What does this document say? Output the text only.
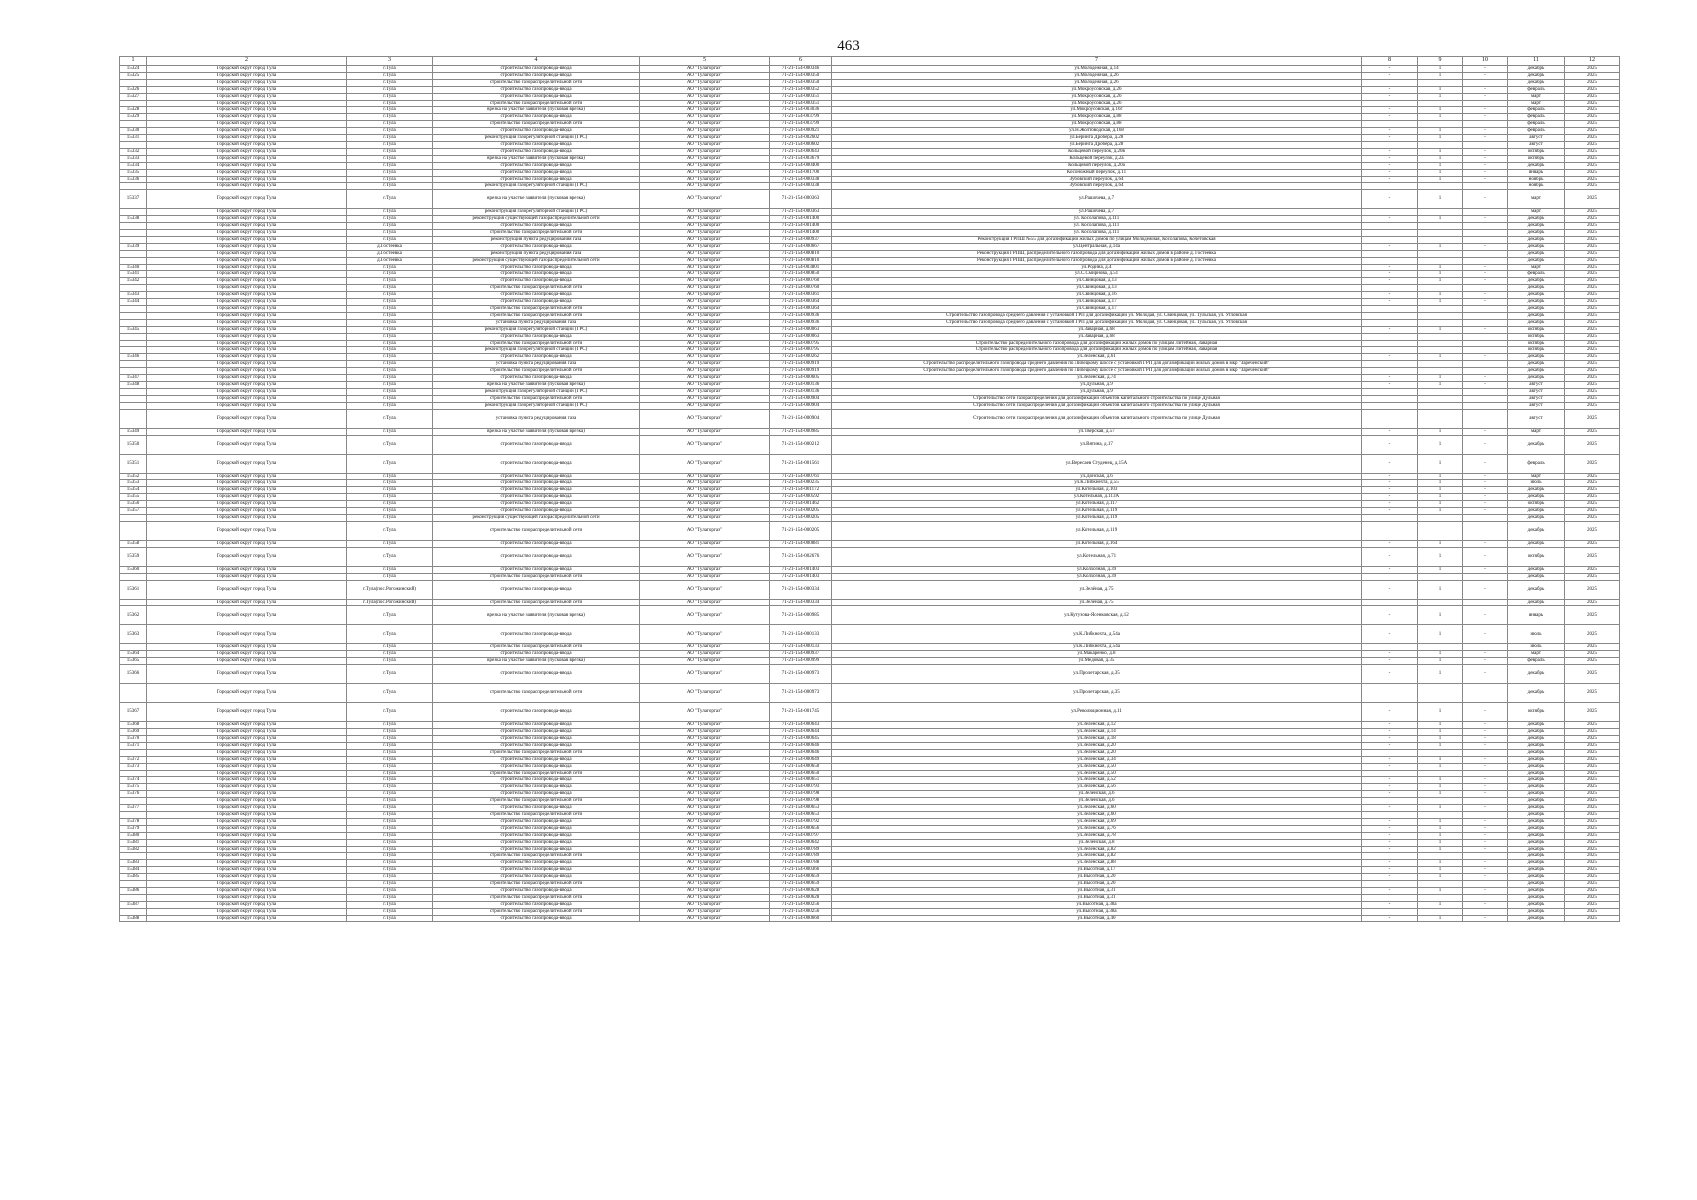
463
1	2	3	4	5	6	7	8	9	10	11	12
15324	Городской округ город Тула	г.Тула	строительство газопровода-ввода	АО "Тулагоргаз"	71-21-154-000346	ул.Молодежная, д.14	-	1	-	декабрь	2025
15325	Городской округ город Тула	г.Тула	строительство газопровода-ввода	АО "Тулагоргаз"	71-21-154-000350	ул.Молодежная, д.26	-	1	-	декабрь	2025
	Городской округ город Тула	г.Тула	строительство газораспределительной сети	АО "Тулагоргаз"	71-21-154-000350	ул.Молодежная, д.26				декабрь	2025
15326	Городской округ город Тула	г.Тула	строительство газопровода-ввода	АО "Тулагоргаз"	71-21-154-000352	ул.Мокроусовская, д.26	-	1	-	февраль	2025
15327	Городской округ город Тула	г.Тула	строительство газопровода-ввода	АО "Тулагоргаз"	71-21-154-000351	ул.Мокроусовская, д.26	-	1	-	март	2025
	Городской округ город Тула	г.Тула	строительство газораспределительной сети	АО "Тулагоргаз"	71-21-154-000351	ул.Мокроусовская, д.26				март	2025
15328	Городской округ город Тула	г.Тула	врезка на участке заявителя (пусковая врезка)	АО "Тулагоргаз"	71-21-154-003036	ул.Мокроусовская, д.16г	-	1	-	февраль	2025
15329	Городской округ город Тула	г.Тула	строительство газопровода-ввода	АО "Тулагоргаз"	71-21-154-003799	ул.Мокроусовская, д.88	-	1	-	февраль	2025
	Городской округ город Тула	г.Тула	строительство газораспределительной сети	АО "Тулагоргаз"	71-21-154-003799	ул.Мокроусовская, д.88				февраль	2025
15330	Городской округ город Тула	г.Тула	строительство газопровода-ввода	АО "Тулагоргаз"	71-21-154-000921	ул.Н.Жолтоводская, д.168	-	1	-	февраль	2025
15331	Городской округ город Тула	г.Тула	реконструкция газорегуляторной станции (ГРС)	АО "Тулагоргаз"	71-21-154-002602	ул.Беринга Дробера, д.28	-	1	-	август	2025
	Городской округ город Тула	г.Тула	строительство газопровода-ввода	АО "Тулагоргаз"	71-21-154-000602	ул.Беринга Дробера, д.28				август	2025
15332	Городской округ город Тула	г.Тула	строительство газопровода-ввода	АО "Тулагоргаз"	71-21-154-000643	Кольцевой переулок, д.20в	-	1	-	октябрь	2025
15333	Городской округ город Тула	г.Тула	врезка на участке заявителя (пусковая врезка)	АО "Тулагоргаз"	71-21-154-003679	Кольцевой переулок, д.2а	-	1	-	октябрь	2025
15334	Городской округ город Тула	г.Тула	строительство газопровода-ввода	АО "Тулагоргаз"	71-21-154-000400	Кольцевой переулок, д.20а	-	1	-	декабрь	2025
15335	Городской округ город Тула	г.Тула	строительство газопровода-ввода	АО "Тулагоргаз"	71-21-154-001700	Косоножный переулок, д.11	-	1	-	январь	2025
15336	Городской округ город Тула	г.Тула	строительство газопровода-ввода	АО "Тулагоргаз"	71-21-154-000338	Зубовский переулок, д.64	-	1	-	ноябрь	2025
	Городской округ город Тула	г.Тула	реконструкция газорегуляторной станции (ГРС)	АО "Тулагоргаз"	71-21-154-000338	Зубовский переулок, д.64				ноябрь	2025
15337	Городской округ город Тула	г.Тула	врезка на участке заявителя (пусковая врезка)	АО "Тулагоргаз"	71-21-154-000363	ул.Рашочева, д.7	-	1	-	март	2025
	Городской округ город Тула	г.Тула	реконструкция газорегуляторной станции (ГРС)	АО "Тулагоргаз"	71-21-154-000363	ул.Рашочева, д.7				март	2025
15338	Городской округ город Тула	г.Тула	реконструкция существующей газораспределительной сети	АО "Тулагоргаз"	71-21-154-001400	ул. Косолапова, д.111	-	1	-	декабрь	2025
	Городской округ город Тула	г.Тула	строительство газопровода-ввода	АО "Тулагоргаз"	71-21-154-001400	ул. Косолапова, д.111				декабрь	2025
	Городской округ город Тула	г.Тула	строительство газораспределительной сети	АО "Тулагоргаз"	71-21-154-001400	ул. Косолапова, д.111				декабрь	2025
	Городской округ город Тула	г.Тула	реконструкция пункта редуцирования газа	АО "Тулагоргаз"	71-21-154-000937	Реконструкция ГРПШ №55 для догазификации жилых домов по улицам Молодежная, Косолапова, Кочетовская				декабрь	2025
15339	Городской округ город Тула	д.Гостеевка	строительство газопровода-ввода	АО "Тулагоргаз"	71-21-154-000667	ул.Центральная, д.14а	-	1	-	декабрь	2025
	Городской округ город Тула	д.Гостеевка	реконструкция пункта редуцирования газа	АО "Тулагоргаз"	71-21-154-000810	Реконструкция ГРПШ, распределительного газопровода для догазификации жилых домов в районе д. Гостеевка				декабрь	2025
	Городской округ город Тула	д.Гостеевка	реконструкция существующей газораспределительной сети	АО "Тулагоргаз"	71-21-154-000810	Реконструкция ГРПШ, распределительного газопровода для догазификации жилых домов в районе д. Гостеевка				декабрь	2025
15340	Городской округ город Тула	г.Тула	строительство газопровода-ввода	АО "Тулагоргаз"	71-21-154-003801	ул.Родина, д.4	-	1	-	март	2025
15341	Городской округ город Тула	г.Тула	строительство газопровода-ввода	АО "Тулагоргаз"	71-21-154-000850	ул.С.Смирнова, д.51	-	1	-	февраль	2025
15342	Городской округ город Тула	г.Тула	строительство газопровода-ввода	АО "Тулагоргаз"	71-21-154-000760	ул.Свинцовая, д.13	-	1	-	декабрь	2025
	Городской округ город Тула	г.Тула	строительство газораспределительной сети	АО "Тулагоргаз"	71-21-154-000760	ул.Свинцовая, д.13				декабрь	2025
15343	Городской округ город Тула	г.Тула	строительство газопровода-ввода	АО "Тулагоргаз"	71-21-154-000361	ул.Свинцовая, д.16	-	1	-	декабрь	2025
15344	Городской округ город Тула	г.Тула	строительство газопровода-ввода	АО "Тулагоргаз"	71-21-154-000364	ул.Свинцовая, д.17	-	1	-	декабрь	2025
	Городской округ город Тула	г.Тула	строительство газораспределительной сети	АО "Тулагоргаз"	71-21-154-000364	ул.Свинцовая, д.17				декабрь	2025
	Городской округ город Тула	г.Тула	строительство газораспределительной сети	АО "Тулагоргаз"	71-21-154-000936	Строительство газопровода среднего давления с установкой ГРП для догазификации ул. Молодая, ул. Свинцовая, ул. Тульская, ул. Угловская				декабрь	2025
	Городской округ город Тула	г.Тула	установка пункта редуцирования газа	АО "Тулагоргаз"	71-21-154-000936	Строительство газопровода среднего давления с установкой ГРП для догазификации ул. Молодая, ул. Свинцовая, ул. Тульская, ул. Угловская				декабрь	2025
15345	Городской округ город Тула	г.Тула	реконструкция газорегуляторной станции (ГРС)	АО "Тулагоргаз"	71-21-154-000063	ул.Заварная, д.68	-	1	-	октябрь	2025
	Городской округ город Тула	г.Тула	строительство газопровода-ввода	АО "Тулагоргаз"	71-21-154-000063	ул.Заварная, д.68				октябрь	2025
	Городской округ город Тула	г.Тула	строительство газораспределительной сети	АО "Тулагоргаз"	71-21-154-000795	Строительство распределительного газопровода для догазификации жилых домов по улицам Литейная, Заварная				октябрь	2025
	Городской округ город Тула	г.Тула	реконструкция газорегуляторной станции (ГРС)	АО "Тулагоргаз"	71-21-154-000795	Строительство распределительного газопровода для догазификации жилых домов по улицам Литейная, Заварная				октябрь	2025
15346	Городской округ город Тула	г.Тула	строительство газопровода-ввода	АО "Тулагоргаз"	71-21-154-000262	ул.Зеленская, д.61	-	1	-	декабрь	2025
	Городской округ город Тула	г.Тула	установка пункта редуцирования газа	АО "Тулагоргаз"	71-21-154-000919	Строительство распределительного газопровода среднего давления по Липецкому шоссе с установкой ГРП для догазификации жилых домов в мкр "Зареченский"				декабрь	2025
	Городской округ город Тула	г.Тула	строительство газораспределительной сети	АО "Тулагоргаз"	71-21-154-000919	Строительство распределительного газопровода среднего давления по Липецкому шоссе с установкой ГРП для догазификации жилых домов в мкр "Зареченский"				декабрь	2025
15347	Городской округ город Тула	г.Тула	строительство газопровода-ввода	АО "Тулагоргаз"	71-21-154-000605	ул.Зеленская, д.74	-	1	-	декабрь	2025
15348	Городской округ город Тула	г.Тула	врезка на участке заявителя (пусковая врезка)	АО "Тулагоргаз"	71-21-154-000136	ул.Дульная, д.9	-	1	-	август	2025
	Городской округ город Тула	г.Тула	реконструкция газорегуляторной станции (ГРС)	АО "Тулагоргаз"	71-21-154-000136	ул.Дульная, д.9				август	2025
	Городской округ город Тула	г.Тула	строительство газораспределительной сети	АО "Тулагоргаз"	71-21-154-000904	Строительство сети газораспределения для догазификации объектов капитального строительства по улице Дульная				август	2025
	Городской округ город Тула	г.Тула	реконструкция газорегуляторной станции (ГРС)	АО "Тулагоргаз"	71-21-154-000904	Строительство сети газораспределения для догазификации объектов капитального строительства по улице Дульная				август	2025
	Городской округ город Тула	г.Тула	установка пункта редуцирования газа	АО "Тулагоргаз"	71-21-154-000904	Строительство сети газораспределения для догазификации объектов капитального строительства по улице Дульная				август	2025
15349	Городской округ город Тула	г.Тула	врезка на участке заявителя (пусковая врезка)	АО "Тулагоргаз"	71-21-154-000985	ул.Тверская, д.57	-	1	-	март	2025
15350	Городской округ город Тула	г.Тула	строительство газопровода-ввода	АО "Тулагоргаз"	71-21-154-000212	ул.Вятина, д.17	-	1	-	декабрь	2025
15351	Городской округ город Тула	г.Тула	строительство газопровода-ввода	АО "Тулагоргаз"	71-21-154-001561	ул.Вересаев Студенец, д.15А	-	1	-	февраль	2025
15352	Городской округ город Тула	г.Тула	строительство газопровода-ввода	АО "Тулагоргаз"	71-21-154-000761	ул.Донская, д.6	-	1	-	март	2025
15353	Городской округ город Тула	г.Тула	строительство газопровода-ввода	АО "Тулагоргаз"	71-21-154-000235	ул.К.Либкнехта, д.55	-	1	-	июль	2025
15354	Городской округ город Тула	г.Тула	строительство газопровода-ввода	АО "Тулагоргаз"	71-21-154-001172	ул.Котельная, д.103	-	1	-	декабрь	2025
15355	Городской округ город Тула	г.Тула	строительство газопровода-ввода	АО "Тулагоргаз"	71-21-154-000592	ул.Котельная, д.113А	-	1	-	декабрь	2025
15356	Городской округ город Тула	г.Тула	строительство газопровода-ввода	АО "Тулагоргаз"	71-21-154-001462	ул.Котельная, д.117	-	1	-	октябрь	2025
15357	Городской округ город Тула	г.Тула	строительство газопровода-ввода	АО "Тулагоргаз"	71-21-154-000205	ул.Котельная, д.119	-	1	-	декабрь	2025
	Городской округ город Тула	г.Тула	реконструкция существующей газораспределительной сети	АО "Тулагоргаз"	71-21-154-000205	ул.Котельная, д.119				декабрь	2025
	Городской округ город Тула	г.Тула	строительство газораспределительной сети	АО "Тулагоргаз"	71-21-154-000205	ул.Котельная, д.119				декабрь	2025
15358	Городской округ город Тула	г.Тула	строительство газопровода-ввода	АО "Тулагоргаз"	71-21-154-000881	ул.Котельная, д.164	-	1	-	декабрь	2025
15359	Городской округ город Тула	г.Тула	строительство газопровода-ввода	АО "Тулагоргаз"	71-21-154-002676	ул.Котельная, д.71	-	1	-	октябрь	2025
15360	Городской округ город Тула	г.Тула	строительство газопровода-ввода	АО "Тулагоргаз"	71-21-154-001403	ул.Колхозная, д.39	-	1	-	декабрь	2025
	Городской округ город Тула	г.Тула	строительство газораспределительной сети	АО "Тулагоргаз"	71-21-154-001403	ул.Колхозная, д.39				декабрь	2025
15361	Городской округ город Тула	г.Тула(пос.Рогожинский)	строительство газопровода-ввода	АО "Тулагоргаз"	71-21-154-000334	ул.Зелёная, д.75	-	1	-	декабрь	2025
	Городской округ город Тула	г.Тула(пос.Рогожинский)	строительство газораспределительной сети	АО "Тулагоргаз"	71-21-154-000334	ул.Зелёная, д.75				декабрь	2025
15362	Городской округ город Тула	г.Тула	врезка на участке заявителя (пусковая врезка)	АО "Тулагоргаз"	71-21-154-000985	ул.Кутузова-Ясенковская, д.12	-	1	-	январь	2025
15363	Городской округ город Тула	г.Тула	строительство газопровода-ввода	АО "Тулагоргаз"	71-21-154-000133	ул.К.Либкнехта, д.54а	-	1	-	июль	2025
	Городской округ город Тула	г.Тула	строительство газораспределительной сети	АО "Тулагоргаз"	71-21-154-000133	ул.К.Либкнехта, д.54а				июль	2025
15364	Городской округ город Тула	г.Тула	строительство газопровода-ввода	АО "Тулагоргаз"	71-21-154-000937	ул.Макаренко, д.8	-	1	-	март	2025
15365	Городской округ город Тула	г.Тула	врезка на участке заявителя (пусковая врезка)	АО "Тулагоргаз"	71-21-154-000999	ул.Медовая, д.35	-	1	-	февраль	2025
15366	Городской округ город Тула	г.Тула	строительство газопровода-ввода	АО "Тулагоргаз"	71-21-154-000973	ул.Пролетарская, д.35	-	1	-	декабрь	2025
	Городской округ город Тула	г.Тула	строительство газораспределительной сети	АО "Тулагоргаз"	71-21-154-000973	ул.Пролетарская, д.35				декабрь	2025
15367	Городской округ город Тула	г.Тула	строительство газопровода-ввода	АО "Тулагоргаз"	71-21-154-001745	ул.Революционная, д.11	-	1	-	октябрь	2025
15368	Городской округ город Тула	г.Тула	строительство газопровода-ввода	АО "Тулагоргаз"	71-21-154-000643	ул.Зеленская, д.12	-	1	-	декабрь	2025
15369	Городской округ город Тула	г.Тула	строительство газопровода-ввода	АО "Тулагоргаз"	71-21-154-000644	ул.Зеленская, д.14	-	1	-	декабрь	2025
15370	Городской округ город Тула	г.Тула	строительство газопровода-ввода	АО "Тулагоргаз"	71-21-154-000645	ул.Зеленская, д.18	-	1	-	декабрь	2025
15371	Городской округ город Тула	г.Тула	строительство газопровода-ввода	АО "Тулагоргаз"	71-21-154-000646	ул.Зеленская, д.20	-	1	-	декабрь	2025
	Городской округ город Тула	г.Тула	строительство газораспределительной сети	АО "Тулагоргаз"	71-21-154-000646	ул.Зеленская, д.20				декабрь	2025
15372	Городской округ город Тула	г.Тула	строительство газопровода-ввода	АО "Тулагоргаз"	71-21-154-000649	ул.Зеленская, д.34	-	1	-	декабрь	2025
15373	Городской округ город Тула	г.Тула	строительство газопровода-ввода	АО "Тулагоргаз"	71-21-154-000650	ул.Зеленская, д.50	-	1	-	декабрь	2025
	Городской округ город Тула	г.Тула	строительство газораспределительной сети	АО "Тулагоргаз"	71-21-154-000650	ул.Зеленская, д.50				декабрь	2025
15374	Городской округ город Тула	г.Тула	строительство газопровода-ввода	АО "Тулагоргаз"	71-21-154-000651	ул.Зеленская, д.52	-	1	-	декабрь	2025
15375	Городской округ город Тула	г.Тула	строительство газопровода-ввода	АО "Тулагоргаз"	71-21-154-000793	ул.Зеленская, д.56	-	1	-	декабрь	2025
15376	Городской округ город Тула	г.Тула	строительство газопровода-ввода	АО "Тулагоргаз"	71-21-154-000798	ул.Зеленская, д.6	-	1	-	декабрь	2025
	Городской округ город Тула	г.Тула	строительство газораспределительной сети	АО "Тулагоргаз"	71-21-154-000798	ул.Зеленская, д.6				декабрь	2025
15377	Городской округ город Тула	г.Тула	строительство газопровода-ввода	АО "Тулагоргаз"	71-21-154-000653	ул.Зеленская, д.60	-	1	-	декабрь	2025
	Городской округ город Тула	г.Тула	строительство газораспределительной сети	АО "Тулагоргаз"	71-21-154-000653	ул.Зеленская, д.60				декабрь	2025
15378	Городской округ город Тула	г.Тула	строительство газопровода-ввода	АО "Тулагоргаз"	71-21-154-000792	ул.Зеленская, д.69	-	1	-	декабрь	2025
15379	Городской округ город Тула	г.Тула	строительство газопровода-ввода	АО "Тулагоргаз"	71-21-154-000656	ул.Зеленская, д.76	-	1	-	декабрь	2025
15380	Городской округ город Тула	г.Тула	строительство газопровода-ввода	АО "Тулагоргаз"	71-21-154-000797	ул.Зеленская, д.78	-	1	-	декабрь	2025
15381	Городской округ город Тула	г.Тула	строительство газопровода-ввода	АО "Тулагоргаз"	71-21-154-000642	ул.Зеленская, д.8	-	1	-	декабрь	2025
15382	Городской округ город Тула	г.Тула	строительство газопровода-ввода	АО "Тулагоргаз"	71-21-154-000789	ул.Зеленская, д.82	-	1	-	декабрь	2025
	Городской округ город Тула	г.Тула	строительство газораспределительной сети	АО "Тулагоргаз"	71-21-154-000789	ул.Зеленская, д.82				декабрь	2025
15383	Городской округ город Тула	г.Тула	строительство газопровода-ввода	АО "Тулагоргаз"	71-21-154-000788	ул.Зеленская, д.88	-	1	-	декабрь	2025
15384	Городской округ город Тула	г.Тула	строительство газопровода-ввода	АО "Тулагоргаз"	71-21-154-000366	ул.Высотная, д.17	-	1	-	декабрь	2025
15385	Городской округ город Тула	г.Тула	строительство газопровода-ввода	АО "Тулагоргаз"	71-21-154-000659	ул.Высотная, д.20	-	1	-	декабрь	2025
	Городской округ город Тула	г.Тула	строительство газораспределительной сети	АО "Тулагоргаз"	71-21-154-000659	ул.Высотная, д.20				декабрь	2025
15386	Городской округ город Тула	г.Тула	строительство газопровода-ввода	АО "Тулагоргаз"	71-21-154-000628	ул.Высотная, д.31	-	1	-	декабрь	2025
	Городской округ город Тула	г.Тула	строительство газораспределительной сети	АО "Тулагоргаз"	71-21-154-000628	ул.Высотная, д.31				декабрь	2025
15387	Городской округ город Тула	г.Тула	строительство газопровода-ввода	АО "Тулагоргаз"	71-21-154-000256	ул.Высотная, д.38а	-	1	-	декабрь	2025
	Городской округ город Тула	г.Тула	строительство газораспределительной сети	АО "Тулагоргаз"	71-21-154-000256	ул.Высотная, д.38а				декабрь	2025
15388	Городской округ город Тула	г.Тула	строительство газопровода-ввода	АО "Тулагоргаз"	71-21-154-000660	ул.Высотная, д.40	-	1	-	декабрь	2025
